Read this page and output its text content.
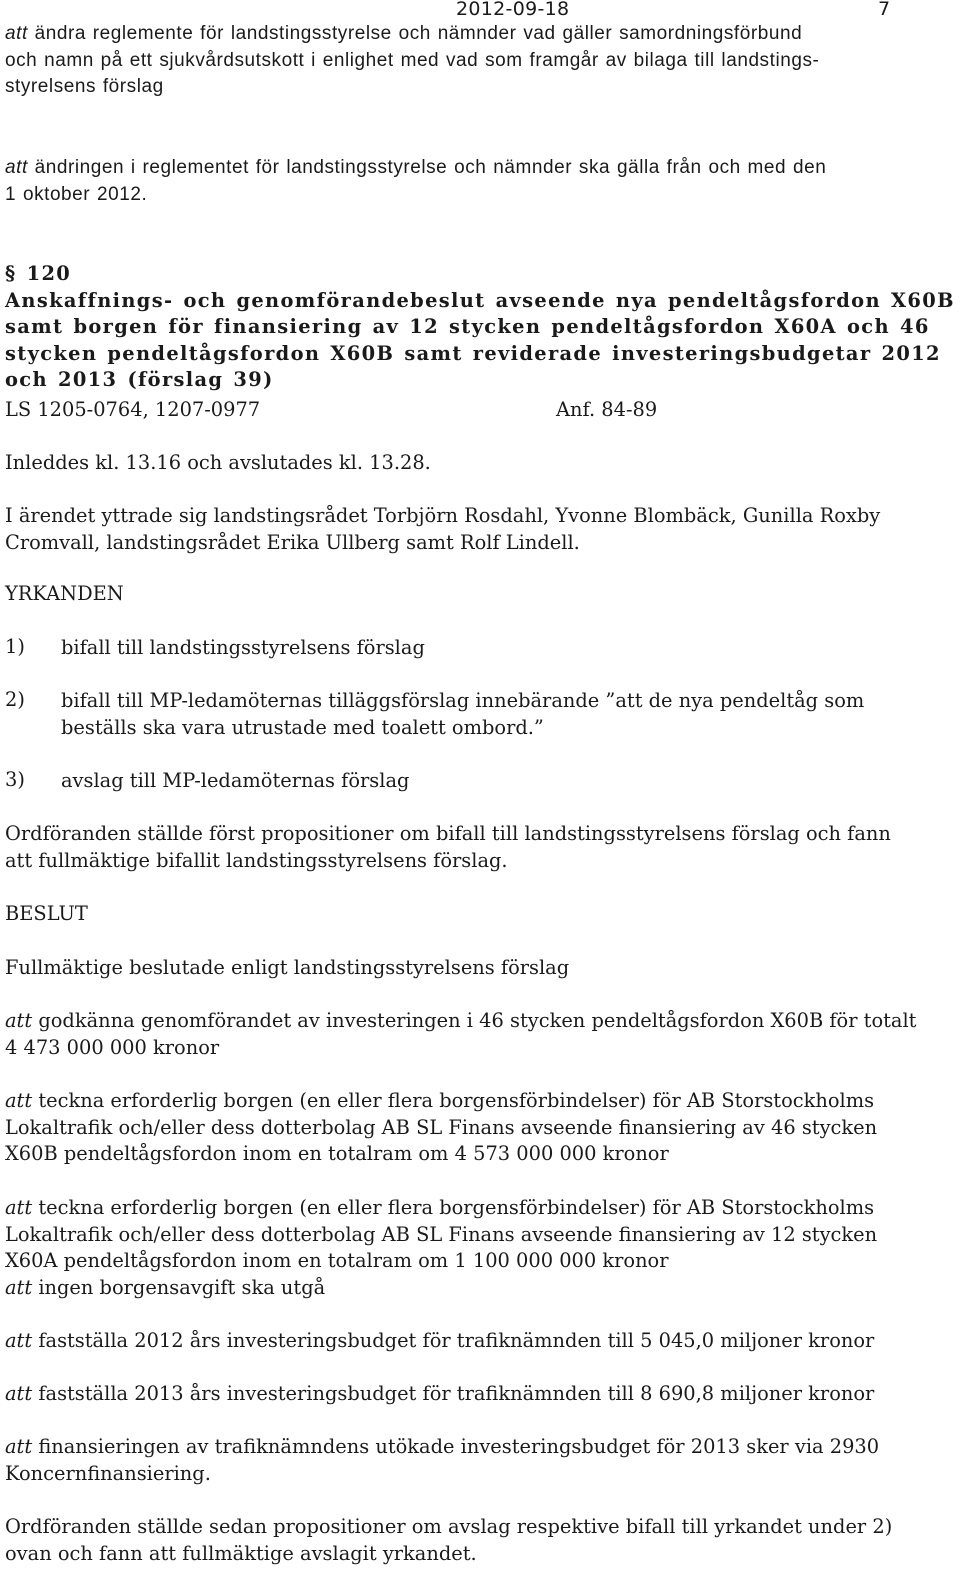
2012-09-18	7
att ändra reglemente för landstingsstyrelse och nämnder vad gäller samordningsförbund
och namn på ett sjukvårdsutskott i enlighet med vad som framgår av bilaga till landstings-
styrelsens förslag
att ändringen i reglementet för landstingsstyrelse och nämnder ska gälla från och med den
1 oktober 2012.
§ 120
Anskaffnings- och genomförandebeslut avseende nya pendeltågsfordon X60B
samt borgen för finansiering av 12 stycken pendeltågsfordon X60A och 46
stycken pendeltågsfordon X60B samt reviderade investeringsbudgetar 2012
och 2013 (förslag 39)
LS 1205-0764, 1207-0977	Anf. 84-89
Inleddes kl. 13.16 och avslutades kl. 13.28.
I ärendet yttrade sig landstingsrådet Torbjörn Rosdahl, Yvonne Blombäck, Gunilla Roxby
Cromvall, landstingsrådet Erika Ullberg samt Rolf Lindell.
YRKANDEN
1) bifall till landstingsstyrelsens förslag
2) bifall till MP-ledamöternas tilläggsförslag innebärande ”att de nya pendeltåg som
beställs ska vara utrustade med toalett ombord.”
3) avslag till MP-ledamöternas förslag
Ordföranden ställde först propositioner om bifall till landstingsstyrelsens förslag och fann
att fullmäktige bifallit landstingsstyrelsens förslag.
BESLUT
Fullmäktige beslutade enligt landstingsstyrelsens förslag
att godkänna genomförandet av investeringen i 46 stycken pendeltågsfordon X60B för totalt
4 473 000 000 kronor
att teckna erforderlig borgen (en eller flera borgensförbindelser) för AB Storstockholms
Lokaltrafik och/eller dess dotterbolag AB SL Finans avseende finansiering av 46 stycken
X60B pendeltågsfordon inom en totalram om 4 573 000 000 kronor
att teckna erforderlig borgen (en eller flera borgensförbindelser) för AB Storstockholms
Lokaltrafik och/eller dess dotterbolag AB SL Finans avseende finansiering av 12 stycken
X60A pendeltågsfordon inom en totalram om 1 100 000 000 kronor
att ingen borgensavgift ska utgå
att fastställa 2012 års investeringsbudget för trafiknämnden till 5 045,0 miljoner kronor
att fastställa 2013 års investeringsbudget för trafiknämnden till 8 690,8 miljoner kronor
att finansieringen av trafiknämndens utökade investeringsbudget för 2013 sker via 2930
Koncernfinansiering.
Ordföranden ställde sedan propositioner om avslag respektive bifall till yrkandet under 2)
ovan och fann att fullmäktige avslagit yrkandet.
